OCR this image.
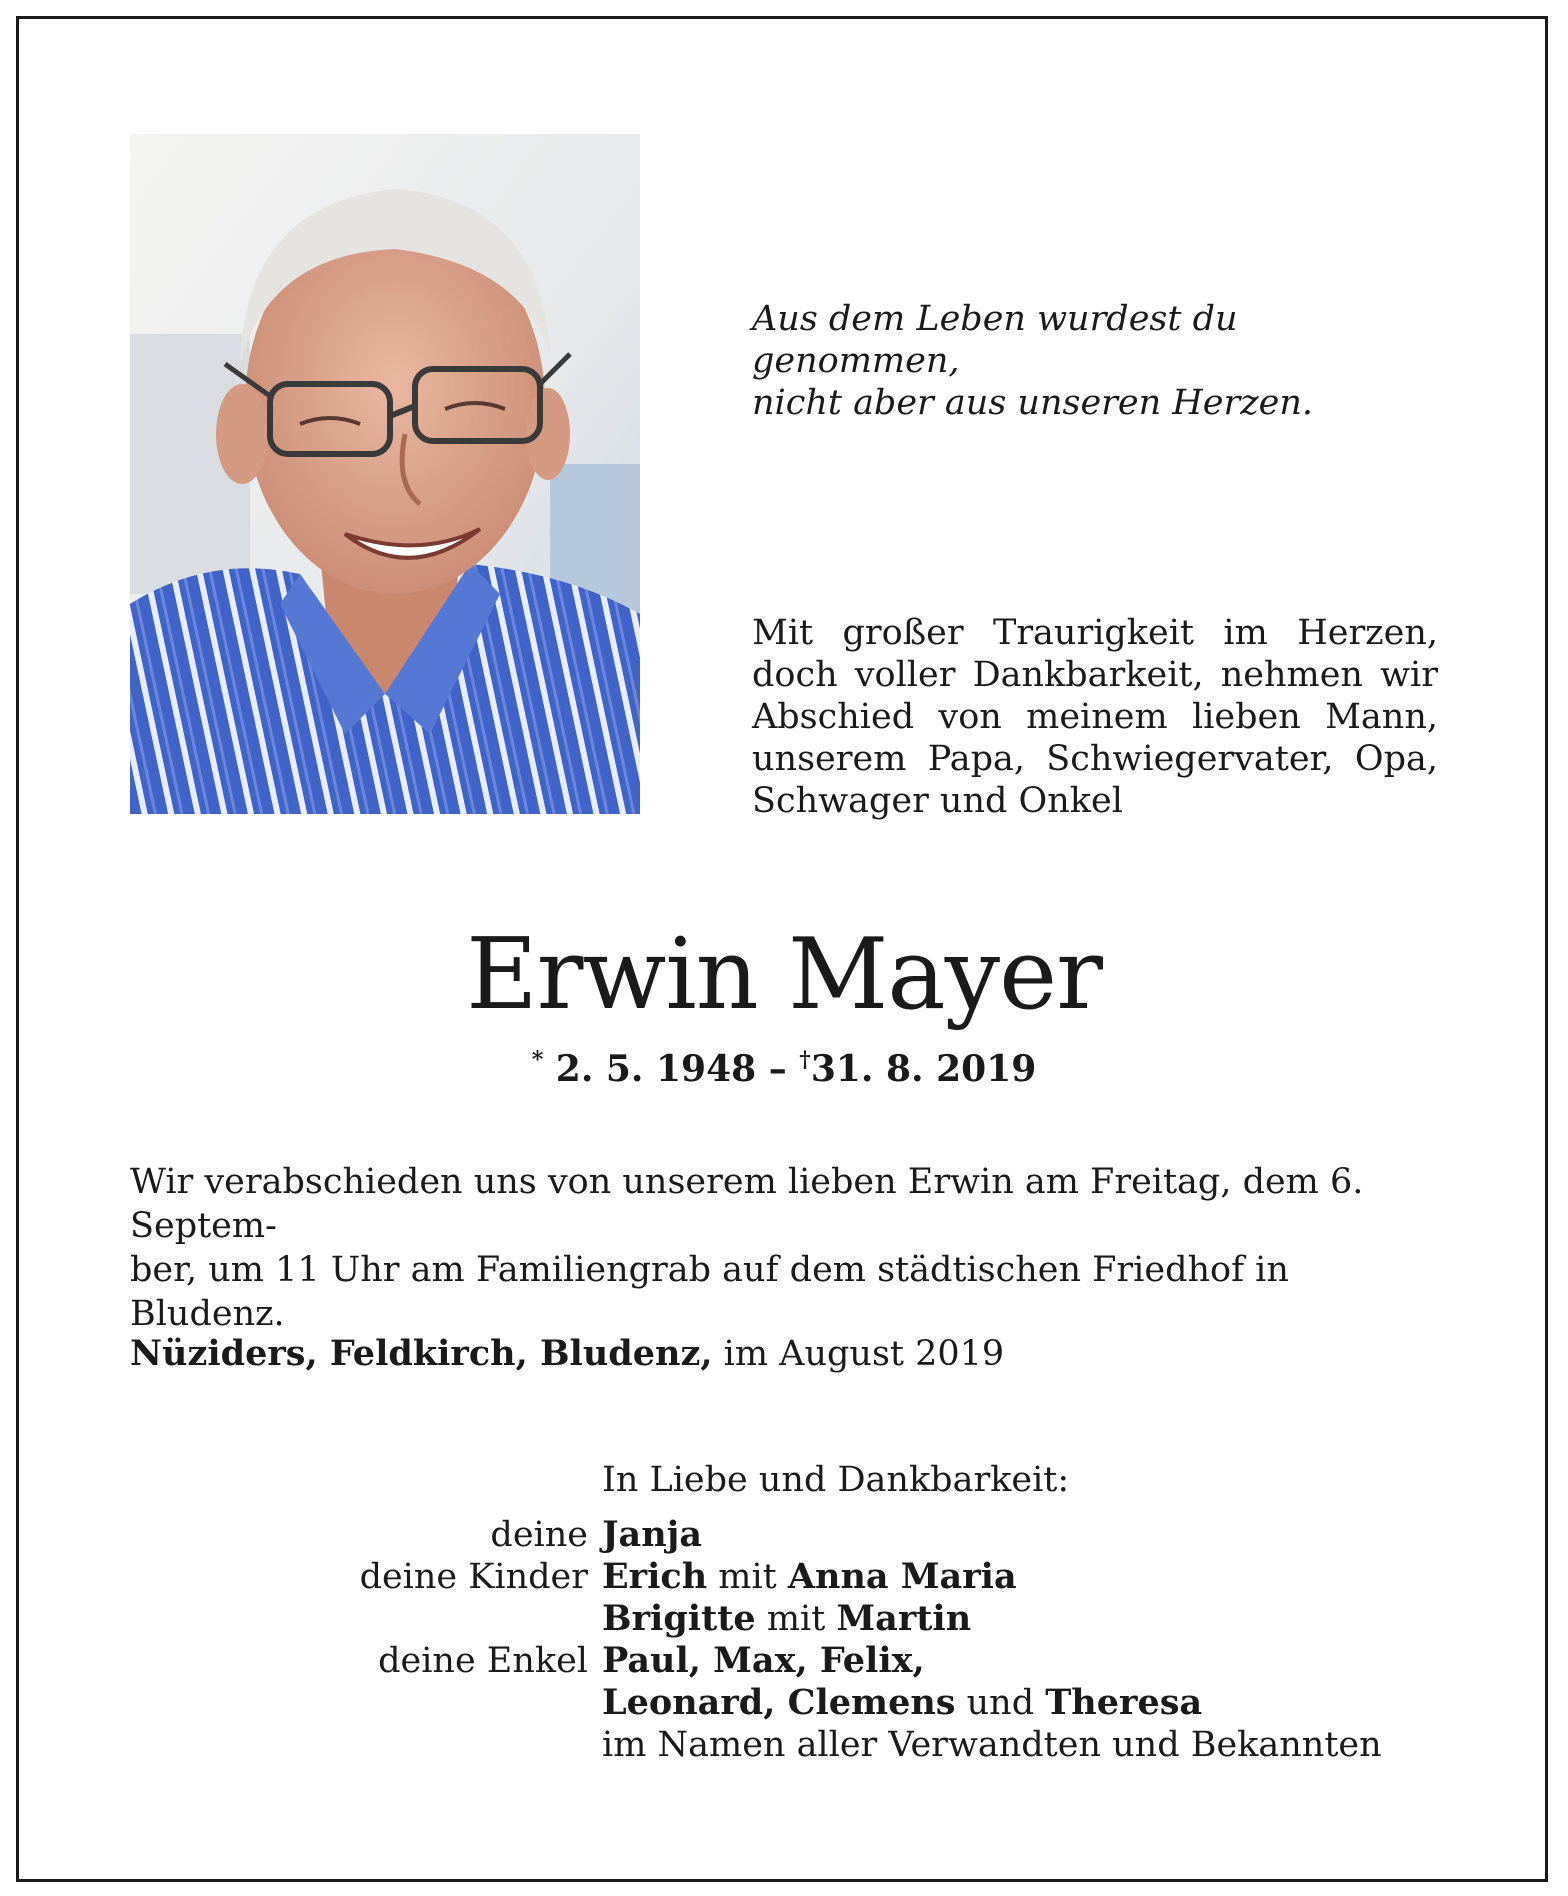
Aus dem Leben wurdest du genommen,
nicht aber aus unseren Herzen.
Mit großer Traurigkeit im Herzen,
doch voller Dankbarkeit, nehmen wir
Abschied von meinem lieben Mann,
unserem Papa, Schwiegervater, Opa,
Schwager und Onkel
Erwin Mayer
* 2. 5. 1948 – †31. 8. 2019
Wir verabschieden uns von unserem lieben Erwin am Freitag, dem 6. Septem-
ber, um 11 Uhr am Familiengrab auf dem städtischen Friedhof in Bludenz.
Nüziders, Feldkirch, Bludenz, im August 2019
In Liebe und Dankbarkeit:
deine Janja
deine Kinder Erich mit Anna Maria
Brigitte mit Martin
deine Enkel Paul, Max, Felix,
Leonard, Clemens und Theresa
im Namen aller Verwandten und Bekannten
